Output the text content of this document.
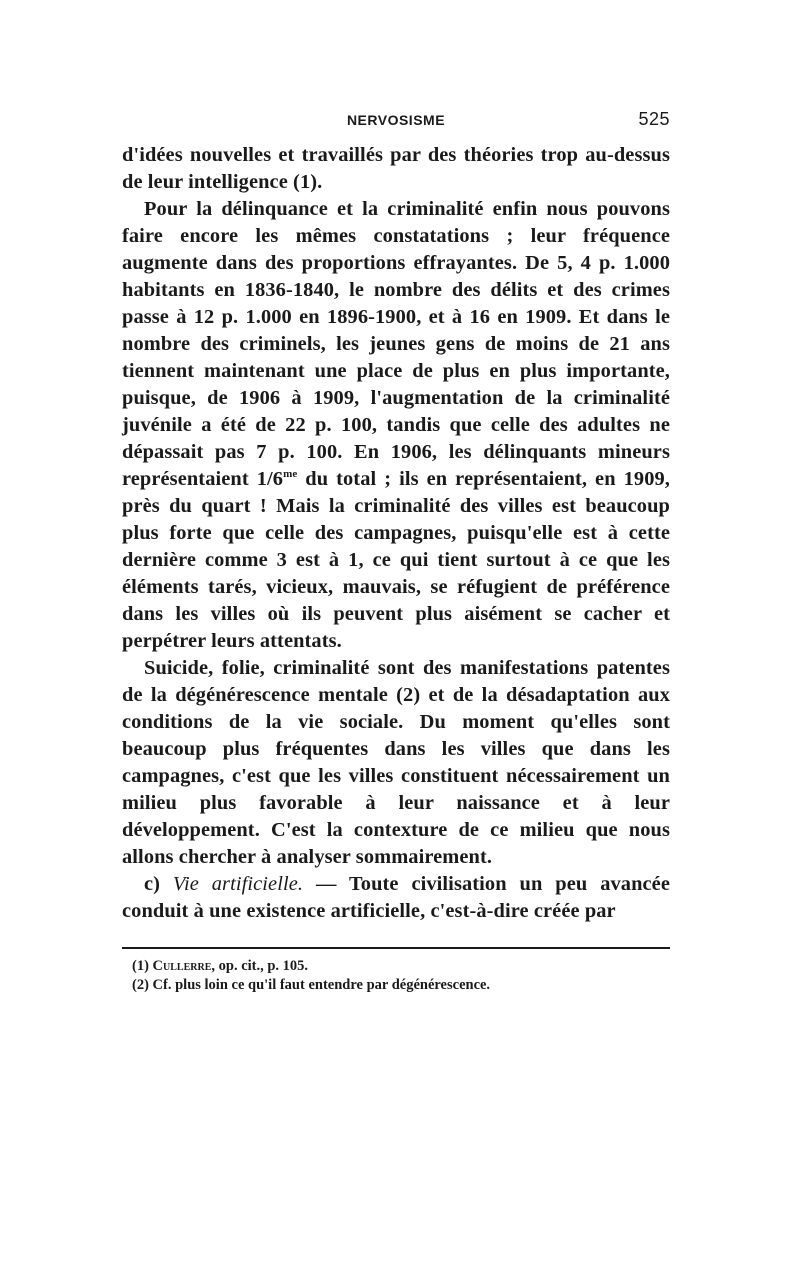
NERVOSISME	525

d'idées nouvelles et travaillés par des théories trop au-dessus de leur intelligence (1).

Pour la délinquance et la criminalité enfin nous pouvons faire encore les mêmes constatations ; leur fréquence augmente dans des proportions effrayantes. De 5, 4 p. 1.000 habitants en 1836-1840, le nombre des délits et des crimes passe à 12 p. 1.000 en 1896-1900, et à 16 en 1909. Et dans le nombre des criminels, les jeunes gens de moins de 21 ans tiennent maintenant une place de plus en plus importante, puisque, de 1906 à 1909, l'augmentation de la criminalité juvénile a été de 22 p. 100, tandis que celle des adultes ne dépassait pas 7 p. 100. En 1906, les délinquants mineurs représentaient $1/6^{me}$ du total ; ils en représentaient, en 1909, près du quart ! Mais la criminalité des villes est beaucoup plus forte que celle des campagnes, puisqu'elle est à cette dernière comme 3 est à 1, ce qui tient surtout à ce que les éléments tarés, vicieux, mauvais, se réfugient de préférence dans les villes où ils peuvent plus aisément se cacher et perpétrer leurs attentats.

Suicide, folie, criminalité sont des manifestations patentes de la dégénérescence mentale (2) et de la désadaptation aux conditions de la vie sociale. Du moment qu'elles sont beaucoup plus fréquentes dans les villes que dans les campagnes, c'est que les villes constituent nécessairement un milieu plus favorable à leur naissance et à leur développement. C'est la contexture de ce milieu que nous allons chercher à analyser sommairement.

c) Vie artificielle. — Toute civilisation un peu avancée conduit à une existence artificielle, c'est-à-dire créée par

(1) Cullerre, op. cit., p. 105.
(2) Cf. plus loin ce qu'il faut entendre par dégénérescence.
